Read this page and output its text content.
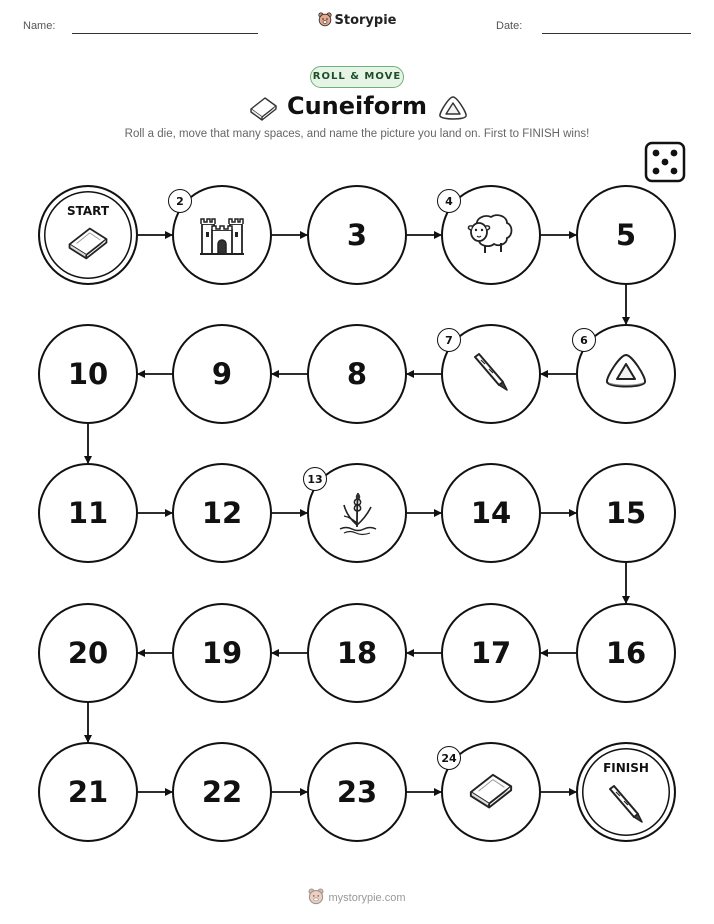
Name:	Storypie	Date:
ROLL & MOVE
Cuneiform
Roll a die, move that many spaces, and name the picture you land on. First to FINISH wins!
START
2
3
4
5
6
7
8
9
10
11	12
13
14	15
16
17
18
19
20
21	22	23
24
FINISH
mystorypie.com
